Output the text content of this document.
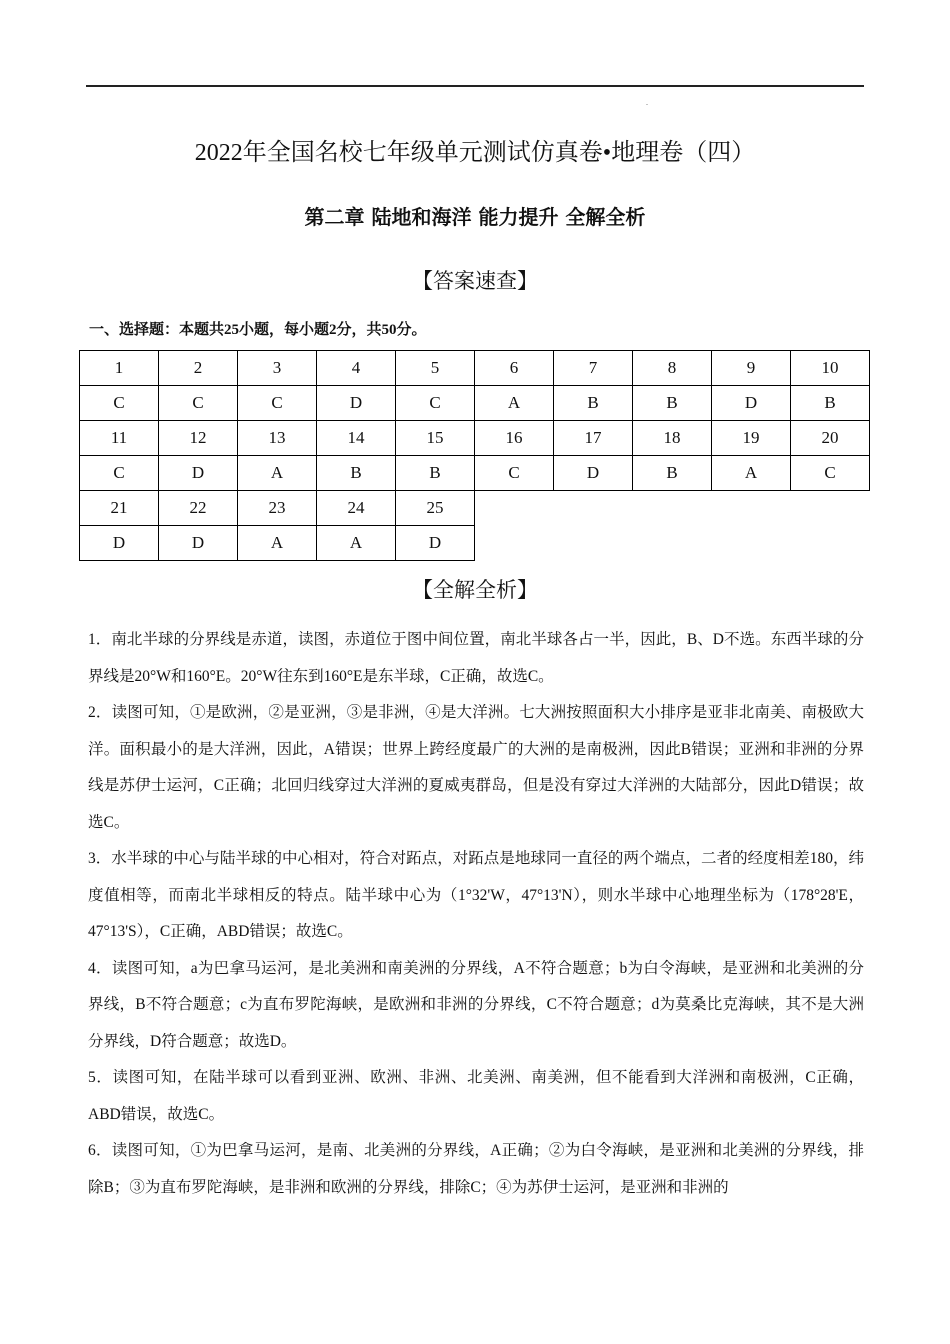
.
2022年全国名校七年级单元测试仿真卷•地理卷（四）
第二章 陆地和海洋 能力提升 全解全析
【答案速查】
一、选择题：本题共25小题，每小题2分，共50分。
1	2	3	4	5	6	7	8	9	10
C	C	C	D	C	A	B	B	D	B
11	12	13	14	15	16	17	18	19	20
C	D	A	B	B	C	D	B	A	C
21	22	23	24	25					
D	D	A	A	D					
【全解全析】

1．南北半球的分界线是赤道，读图，赤道位于图中间位置，南北半球各占一半，因此，B、D不选。东西半球的分界线是20°W和160°E。20°W往东到160°E是东半球，C正确，故选C。

2．读图可知，①是欧洲，②是亚洲，③是非洲，④是大洋洲。七大洲按照面积大小排序是亚非北南美、南极欧大洋。面积最小的是大洋洲，因此，A错误；世界上跨经度最广的大洲的是南极洲，因此B错误；亚洲和非洲的分界线是苏伊士运河，C正确；北回归线穿过大洋洲的夏威夷群岛，但是没有穿过大洋洲的大陆部分，因此D错误；故选C。

3．水半球的中心与陆半球的中心相对，符合对跖点，对跖点是地球同一直径的两个端点，二者的经度相差180，纬度值相等，而南北半球相反的特点。陆半球中心为（1°32'W，47°13'N），则水半球中心地理坐标为（178°28'E，47°13'S），C正确，ABD错误；故选C。

4．读图可知，a为巴拿马运河，是北美洲和南美洲的分界线，A不符合题意；b为白令海峡，是亚洲和北美洲的分界线，B不符合题意；c为直布罗陀海峡，是欧洲和非洲的分界线，C不符合题意；d为莫桑比克海峡，其不是大洲分界线，D符合题意；故选D。

5．读图可知，在陆半球可以看到亚洲、欧洲、非洲、北美洲、南美洲，但不能看到大洋洲和南极洲，C正确，ABD错误，故选C。

6．读图可知，①为巴拿马运河，是南、北美洲的分界线，A正确；②为白令海峡，是亚洲和北美洲的分界线，排除B；③为直布罗陀海峡，是非洲和欧洲的分界线，排除C；④为苏伊士运河，是亚洲和非洲的
